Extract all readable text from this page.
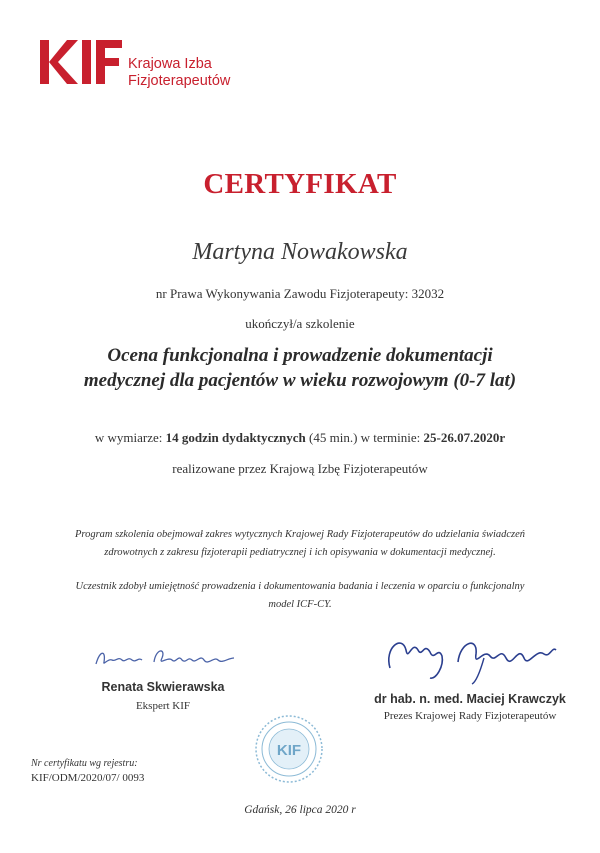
Krajowa Izba
Fizjoterapeutów
CERTYFIKAT
Martyna Nowakowska
nr Prawa Wykonywania Zawodu Fizjoterapeuty: 32032
ukończył/a szkolenie
Ocena funkcjonalna i prowadzenie dokumentacji
medycznej dla pacjentów w wieku rozwojowym (0-7 lat)
w wymiarze: 14 godzin dydaktycznych (45 min.) w terminie: 25-26.07.2020r
realizowane przez Krajową Izbę Fizjoterapeutów
Program szkolenia obejmował zakres wytycznych Krajowej Rady Fizjoterapeutów do udzielania świadczeń
zdrowotnych z zakresu fizjoterapii pediatrycznej i ich opisywania w dokumentacji medycznej.
Uczestnik zdobył umiejętność prowadzenia i dokumentowania badania i leczenia w oparciu o funkcjonalny
model ICF-CY.
Renata Skwierawska
Ekspert KIF	dr hab. n. med. Maciej Krawczyk
Prezes Krajowej Rady Fizjoterapeutów
KIF
Nr certyfikatu wg rejestru:
KIF/ODM/2020/07/ 0093
Gdańsk, 26 lipca 2020 r
